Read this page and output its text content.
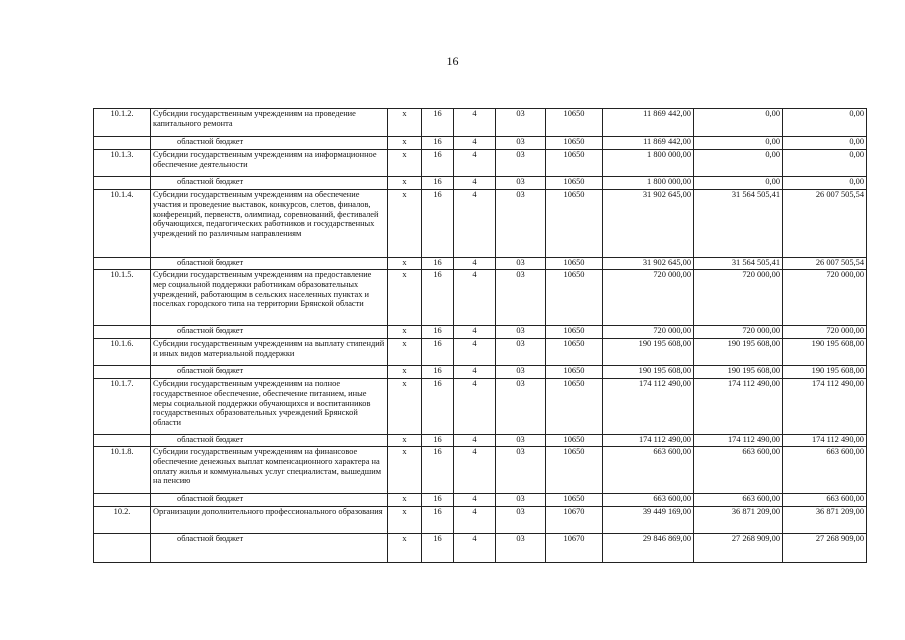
16
10.1.2.	Субсидии государственным учреждениям на проведение капитального ремонта	х	16	4	03	10650	11 869 442,00	0,00	0,00
	областной бюджет	х	16	4	03	10650	11 869 442,00	0,00	0,00
10.1.3.	Субсидии государственным учреждениям на информационное обеспечение деятельности	х	16	4	03	10650	1 800 000,00	0,00	0,00
	областной бюджет	х	16	4	03	10650	1 800 000,00	0,00	0,00
10.1.4.	Субсидии государственным учреждениям на обеспечение участия и проведение выставок, конкурсов, слетов, финалов, конференций, первенств, олимпиад, соревнований, фестивалей обучающихся, педагогических работников и государственных учреждений по различным направлениям	х	16	4	03	10650	31 902 645,00	31 564 505,41	26 007 505,54
	областной бюджет	х	16	4	03	10650	31 902 645,00	31 564 505,41	26 007 505,54
10.1.5.	Субсидии государственным учреждениям на предоставление мер социальной поддержки работникам образовательных учреждений, работающим в сельских населенных пунктах и поселках городского типа на территории Брянской области	х	16	4	03	10650	720 000,00	720 000,00	720 000,00
	областной бюджет	х	16	4	03	10650	720 000,00	720 000,00	720 000,00
10.1.6.	Субсидии государственным учреждениям на выплату стипендий и иных видов материальной поддержки	х	16	4	03	10650	190 195 608,00	190 195 608,00	190 195 608,00
	областной бюджет	х	16	4	03	10650	190 195 608,00	190 195 608,00	190 195 608,00
10.1.7.	Субсидии государственным учреждениям на полное государственное обеспечение, обеспечение питанием, иные меры социальной поддержки обучающихся и воспитанников государственных образовательных учреждений Брянской области	х	16	4	03	10650	174 112 490,00	174 112 490,00	174 112 490,00
	областной бюджет	х	16	4	03	10650	174 112 490,00	174 112 490,00	174 112 490,00
10.1.8.	Субсидии государственным учреждениям на финансовое обеспечение денежных выплат компенсационного характера на оплату жилья и коммунальных услуг специалистам, вышедшим на пенсию	х	16	4	03	10650	663 600,00	663 600,00	663 600,00
	областной бюджет	х	16	4	03	10650	663 600,00	663 600,00	663 600,00
10.2.	Организации дополнительного профессионального образования	х	16	4	03	10670	39 449 169,00	36 871 209,00	36 871 209,00
	областной бюджет	х	16	4	03	10670	29 846 869,00	27 268 909,00	27 268 909,00
